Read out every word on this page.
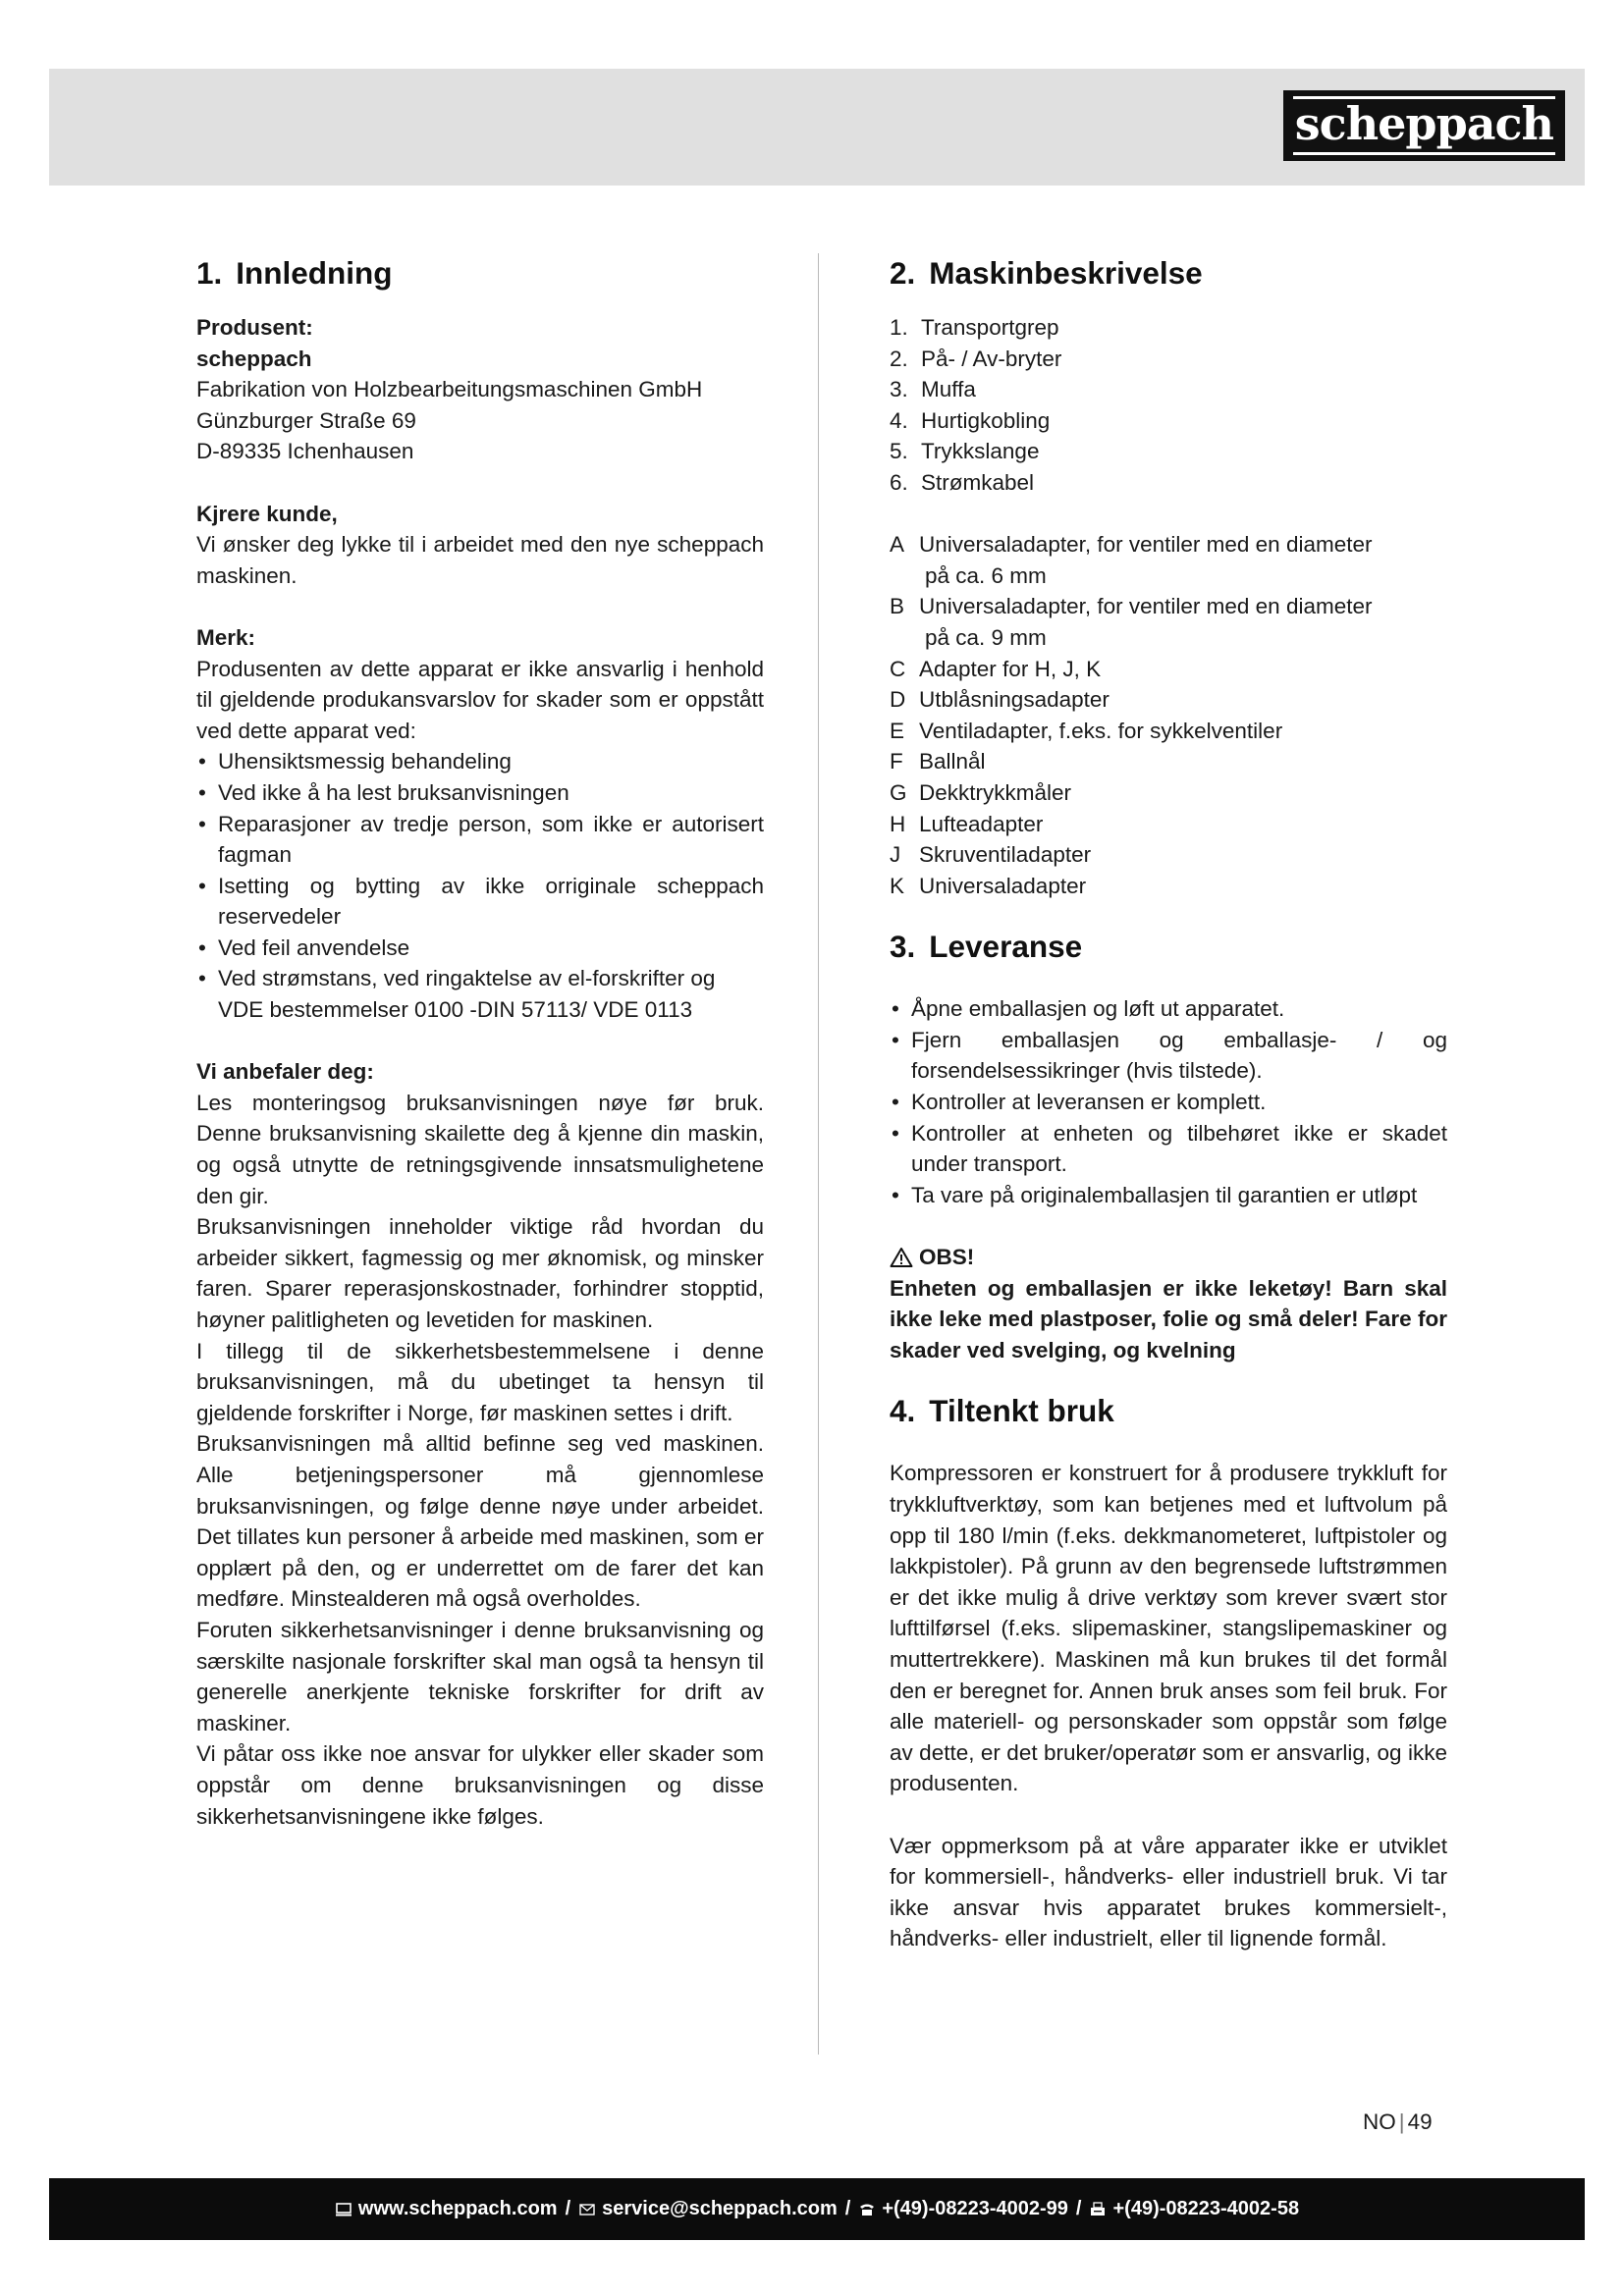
scheppach
1. Innledning

Produsent:

scheppach

Fabrikation von Holzbearbeitungsmaschinen GmbH

Günzburger Straße 69

D-89335 Ichenhausen

Kjrere kunde,

Vi ønsker deg lykke til i arbeidet med den nye scheppach maskinen.

Merk:

Produsenten av dette apparat er ikke ansvarlig i henhold til gjeldende produkansvarslov for skader som er oppstått ved dette apparat ved:

• Uhensiktsmessig behandeling
• Ved ikke å ha lest bruksanvisningen
• Reparasjoner av tredje person, som ikke er autorisert fagman
• Isetting og bytting av ikke orriginale scheppach reservedeler
• Ved feil anvendelse
• Ved strømstans, ved ringaktelse av el-forskrifter og VDE bestemmelser 0100 -DIN 57113/ VDE 0113

Vi anbefaler deg:

Les monteringsog bruksanvisningen nøye før bruk. Denne bruksanvisning skailette deg å kjenne din maskin, og også utnytte de retningsgivende innsatsmulighetene den gir.

Bruksanvisningen inneholder viktige råd hvordan du arbeider sikkert, fagmessig og mer øknomisk, og minsker faren. Sparer reperasjonskostnader, forhindrer stopptid, høyner palitligheten og levetiden for maskinen.

I tillegg til de sikkerhetsbestemmelsene i denne bruksanvisningen, må du ubetinget ta hensyn til gjeldende forskrifter i Norge, før maskinen settes i drift.

Bruksanvisningen må alltid befinne seg ved maskinen. Alle betjeningspersoner må gjennomlese bruksanvisningen, og følge denne nøye under arbeidet. Det tillates kun personer å arbeide med maskinen, som er opplært på den, og er underrettet om de farer det kan medføre. Minstealderen må også overholdes.

Foruten sikkerhetsanvisninger i denne bruksanvisning og særskilte nasjonale forskrifter skal man også ta hensyn til generelle anerkjente tekniske forskrifter for drift av maskiner.

Vi påtar oss ikke noe ansvar for ulykker eller skader som oppstår om denne bruksanvisningen og disse sikkerhetsanvisningene ikke følges.

2. Maskinbeskrivelse
1. Transportgrep
2. På- / Av-bryter
3. Muffa
4. Hurtigkobling
5. Trykkslange
6. Strømkabel
A Universaladapter, for ventiler med en diameter
på ca. 6 mm
B Universaladapter, for ventiler med en diameter
på ca. 9 mm
C Adapter for H, J, K
D Utblåsningsadapter
E Ventiladapter, f.eks. for sykkelventiler
F Ballnål
G Dekktrykkmåler
H Lufteadapter
J Skruventiladapter
K Universaladapter
3. Leveranse
• Åpne emballasjen og løft ut apparatet.
• Fjern emballasjen og emballasje- / og forsendelsessikringer (hvis tilstede).
• Kontroller at leveransen er komplett.
• Kontroller at enheten og tilbehøret ikke er skadet under transport.
• Ta vare på originalemballasjen til garantien er utløpt

OBS!

Enheten og emballasjen er ikke leketøy! Barn skal ikke leke med plastposer, folie og små deler! Fare for skader ved svelging, og kvelning

4. Tiltenkt bruk

Kompressoren er konstruert for å produsere trykkluft for trykkluftverktøy, som kan betjenes med et luftvolum på opp til 180 l/min (f.eks. dekkmanometeret, luftpistoler og lakkpistoler). På grunn av den begrensede luftstrømmen er det ikke mulig å drive verktøy som krever svært stor lufttilførsel (f.eks. slipemaskiner, stangslipemaskiner og muttertrekkere). Maskinen må kun brukes til det formål den er beregnet for. Annen bruk anses som feil bruk. For alle materiell- og personskader som oppstår som følge av dette, er det bruker/operatør som er ansvarlig, og ikke produsenten.

Vær oppmerksom på at våre apparater ikke er utviklet for kommersiell-, håndverks- eller industriell bruk. Vi tar ikke ansvar hvis apparatet brukes kommersielt-, håndverks- eller industrielt, eller til lignende formål.

NO | 49
www.scheppach.com / service@scheppach.com / +(49)-08223-4002-99 / +(49)-08223-4002-58
